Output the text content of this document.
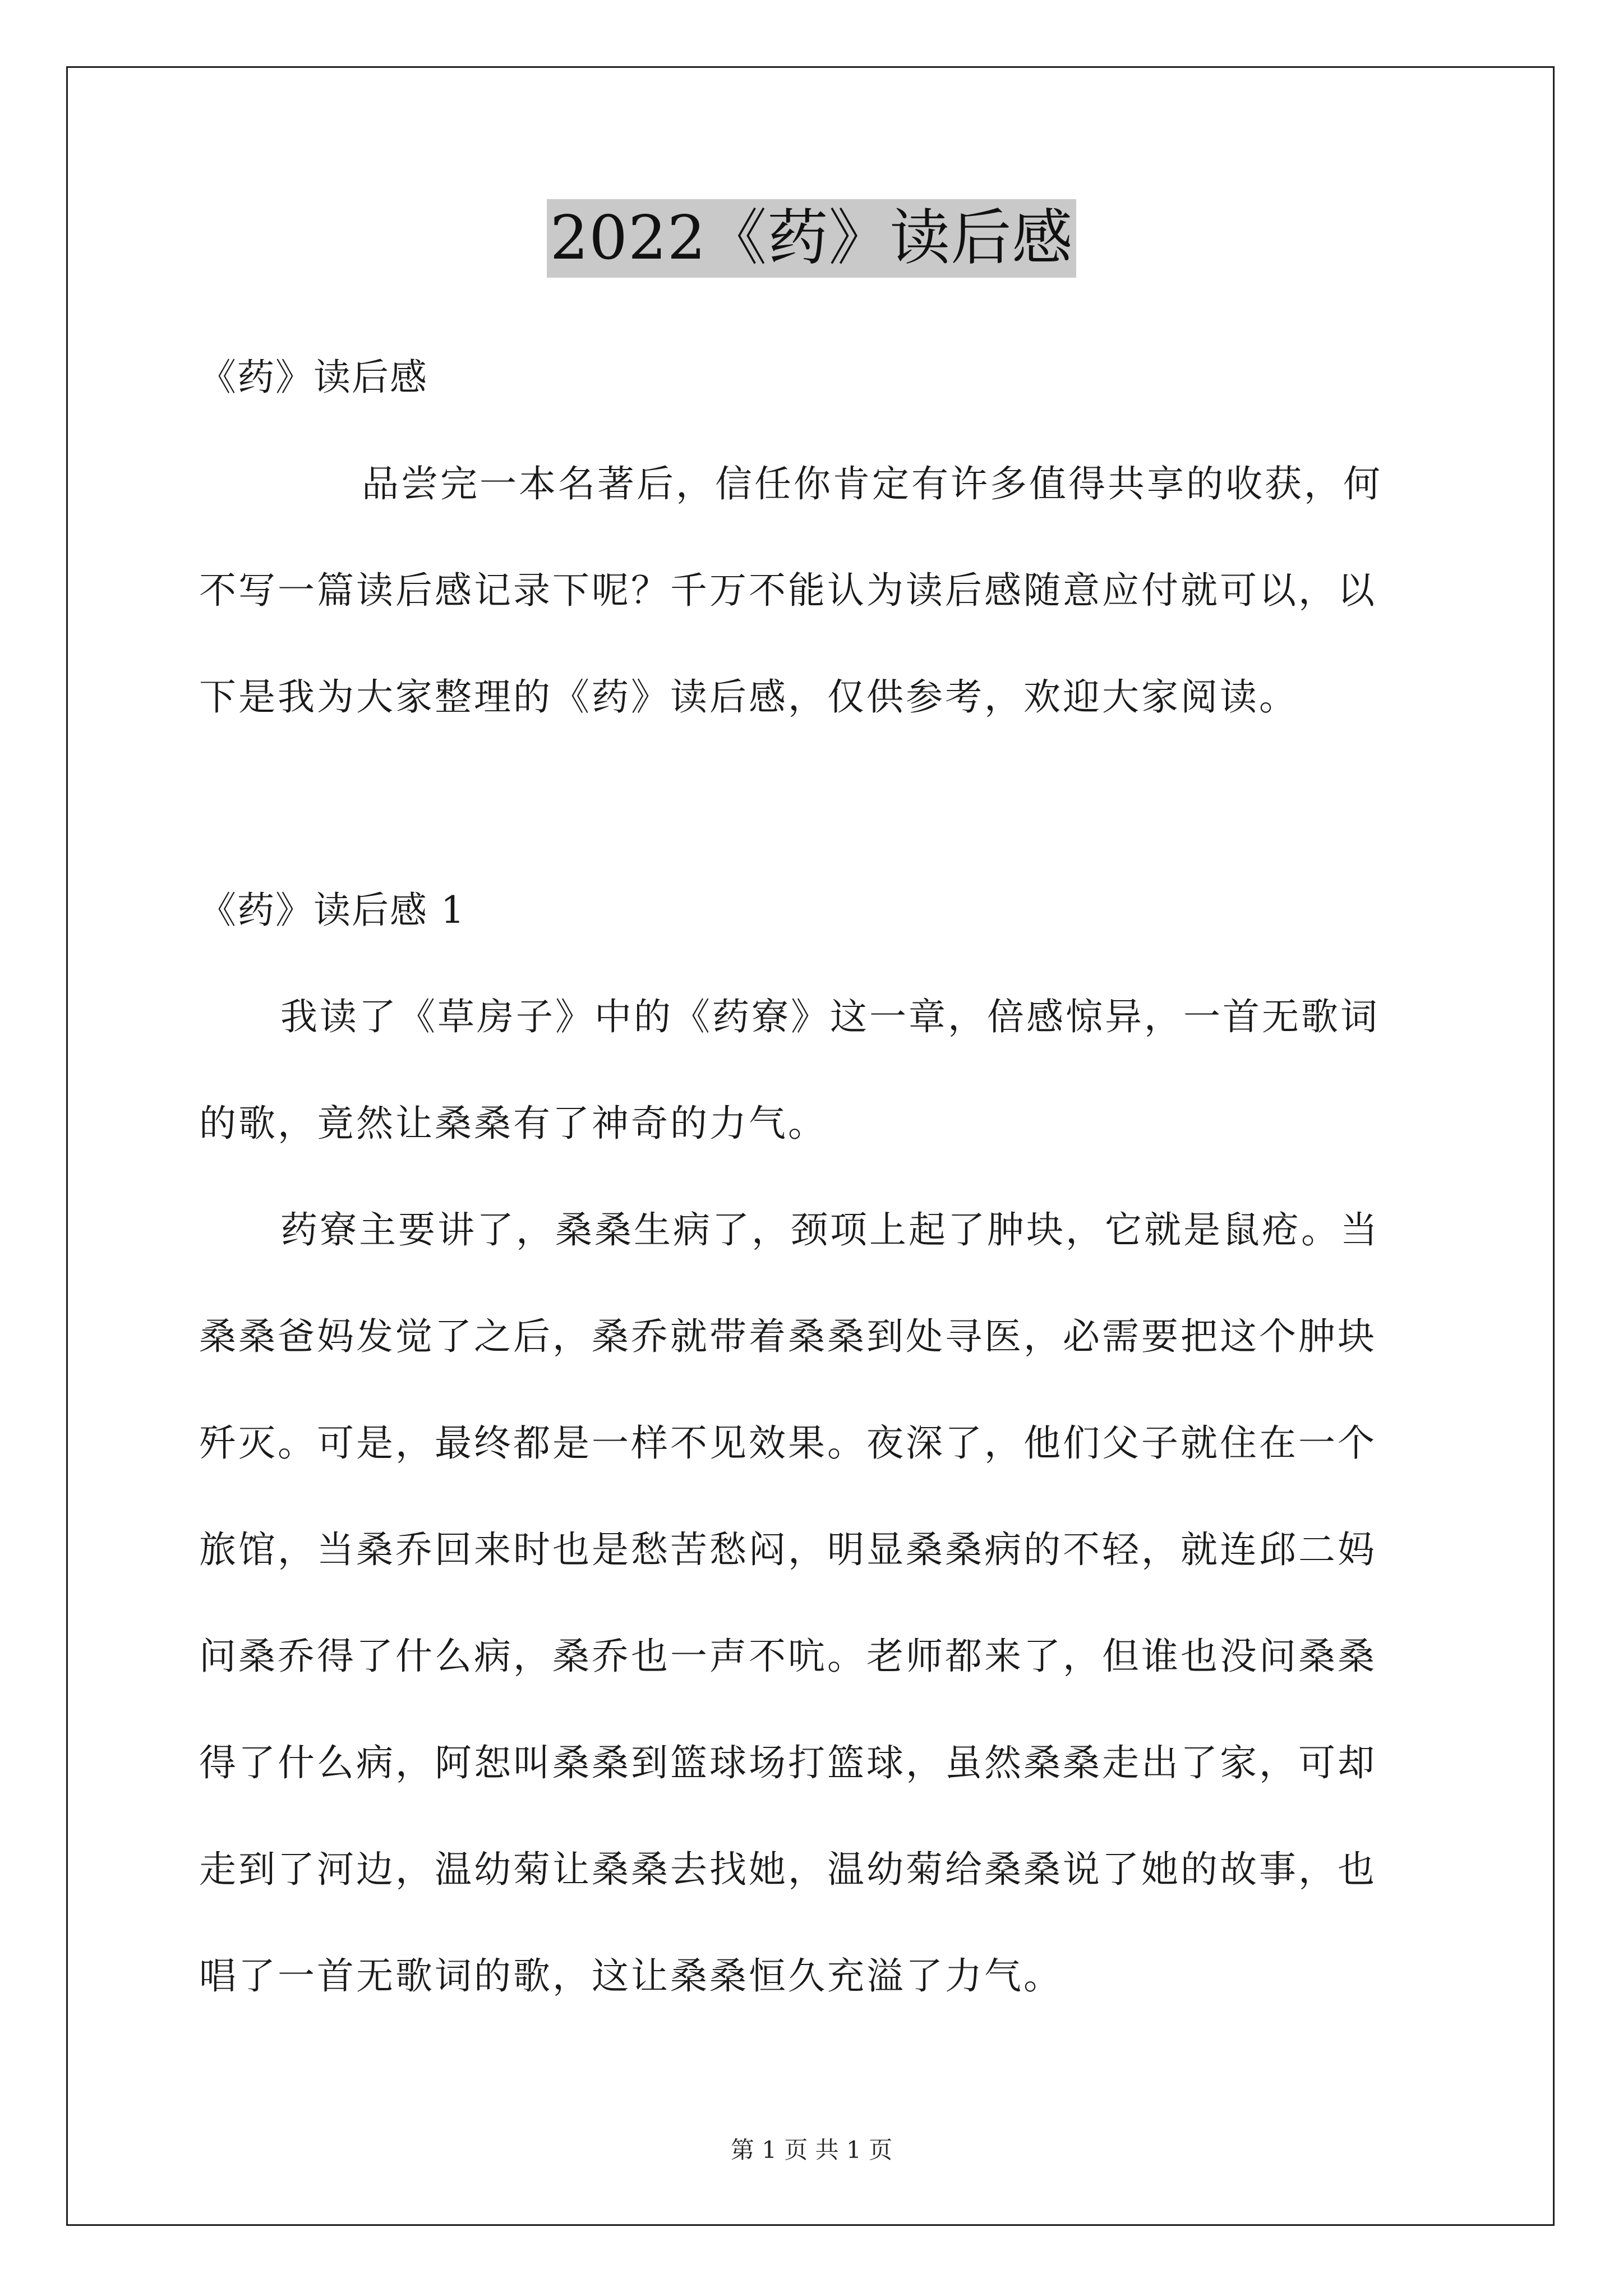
2022《药》读后感
《药》读后感
品尝完一本名著后，信任你肯定有许多值得共享的收获，何
不写一篇读后感记录下呢？千万不能认为读后感随意应付就可以，以
下是我为大家整理的《药》读后感，仅供参考，欢迎大家阅读。
《药》读后感 1
我读了《草房子》中的《药寮》这一章，倍感惊异，一首无歌词
的歌，竟然让桑桑有了神奇的力气。
药寮主要讲了，桑桑生病了，颈项上起了肿块，它就是鼠疮。当
桑桑爸妈发觉了之后，桑乔就带着桑桑到处寻医，必需要把这个肿块
歼灭。可是，最终都是一样不见效果。夜深了，他们父子就住在一个
旅馆，当桑乔回来时也是愁苦愁闷，明显桑桑病的不轻，就连邱二妈
问桑乔得了什么病，桑乔也一声不吭。老师都来了，但谁也没问桑桑
得了什么病，阿恕叫桑桑到篮球场打篮球，虽然桑桑走出了家，可却
走到了河边，温幼菊让桑桑去找她，温幼菊给桑桑说了她的故事，也
唱了一首无歌词的歌，这让桑桑恒久充溢了力气。
第 1 页 共 1 页
